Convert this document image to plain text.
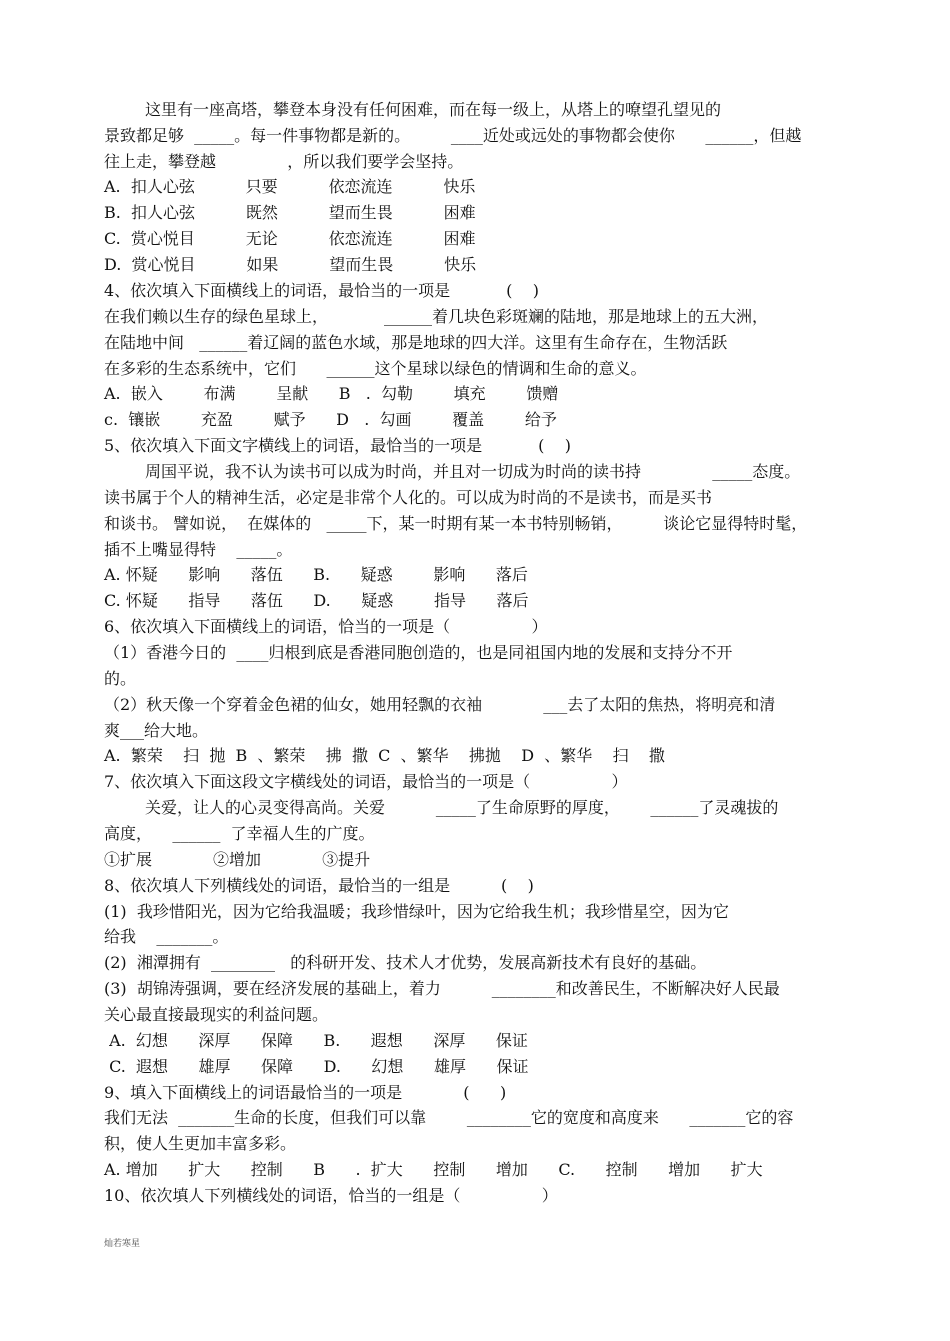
这里有一座高塔，攀登本身没有任何困难，而在每一级上，从塔上的嘹望孔望见的
景致都足够  _____。每一件事物都是新的。        ____近处或远处的事物都会使你      ______，但越
往上走，攀登越              ，所以我们要学会坚持。
A.  扣人心弦          只要          依恋流连          快乐
B.  扣人心弦          既然          望而生畏          困难
C.  赏心悦目          无论          依恋流连          困难
D.  赏心悦目          如果          望而生畏          快乐
4、依次填入下面横线上的词语，最恰当的一项是           (    )
在我们赖以生存的绿色星球上，           ______着几块色彩斑斓的陆地，那是地球上的五大洲，
在陆地中间   ______着辽阔的蓝色水域，那是地球的四大洋。这里有生命存在，生物活跃
在多彩的生态系统中，它们      ______这个星球以绿色的情调和生命的意义。
A.  嵌入        布满        呈献      B   .  勾勒        填充        馈赠
c.  镶嵌        充盈        赋予      D   .  勾画        覆盖        给予
5、依次填入下面文字横线上的词语，最恰当的一项是           (    )
周国平说，我不认为读书可以成为时尚，并且对一切成为时尚的读书持              _____态度。
读书属于个人的精神生活，必定是非常个人化的。可以成为时尚的不是读书，而是买书
和谈书。 譬如说，  在媒体的   _____下，某一时期有某一本书特别畅销，        谈论它显得特时髦，
插不上嘴显得特    _____。
A. 怀疑      影响      落伍      B.      疑惑        影响      落后
C. 怀疑      指导      落伍      D.      疑惑        指导      落后
6、依次填入下面横线上的词语，恰当的一项是（                ）
（1）香港今日的  ____归根到底是香港同胞创造的，也是同祖国内地的发展和支持分不开
的。
（2）秋天像一个穿着金色裙的仙女，她用轻飘的衣袖            ___去了太阳的焦热，将明亮和清
爽___给大地。
A.  繁荣    扫  抛  B  、繁荣    拂  撒  C  、繁华    拂拋    D  、繁华    扫    撒
7、依次填入下面这段文字横线处的词语，最恰当的一项是（                ）
关爱，让人的心灵变得高尚。关爱          _____了生命原野的厚度，      ______了灵魂拔的
高度，    ______  了幸福人生的广度。
①扩展            ②增加            ③提升
8、依次填人下列横线处的词语，最恰当的一组是          (    )
(1)  我珍惜阳光，因为它给我温暖；我珍惜绿叶，因为它给我生机；我珍惜星空，因为它
给我    _______。
(2)  湘潭拥有  ________   的科研开发、技术人才优势，发展高新技术有良好的基础。
(3)  胡锦涛强调，要在经济发展的基础上，着力          ________和改善民生，不断解决好人民最
关心最直接最现实的利益问题。
A.  幻想      深厚      保障      B.      遐想      深厚      保证
C.  遐想      雄厚      保障      D.      幻想      雄厚      保证
9、填入下面横线上的词语最恰当的一项是            (      )
我们无法  _______生命的长度，但我们可以靠        ________它的宽度和高度来      _______它的容
积，使人生更加丰富多彩。
A. 增加      扩大      控制      B      .  扩大      控制      增加      C.      控制      增加      扩大
10、依次填人下列横线处的词语，恰当的一组是（                ）
灿若寒星
